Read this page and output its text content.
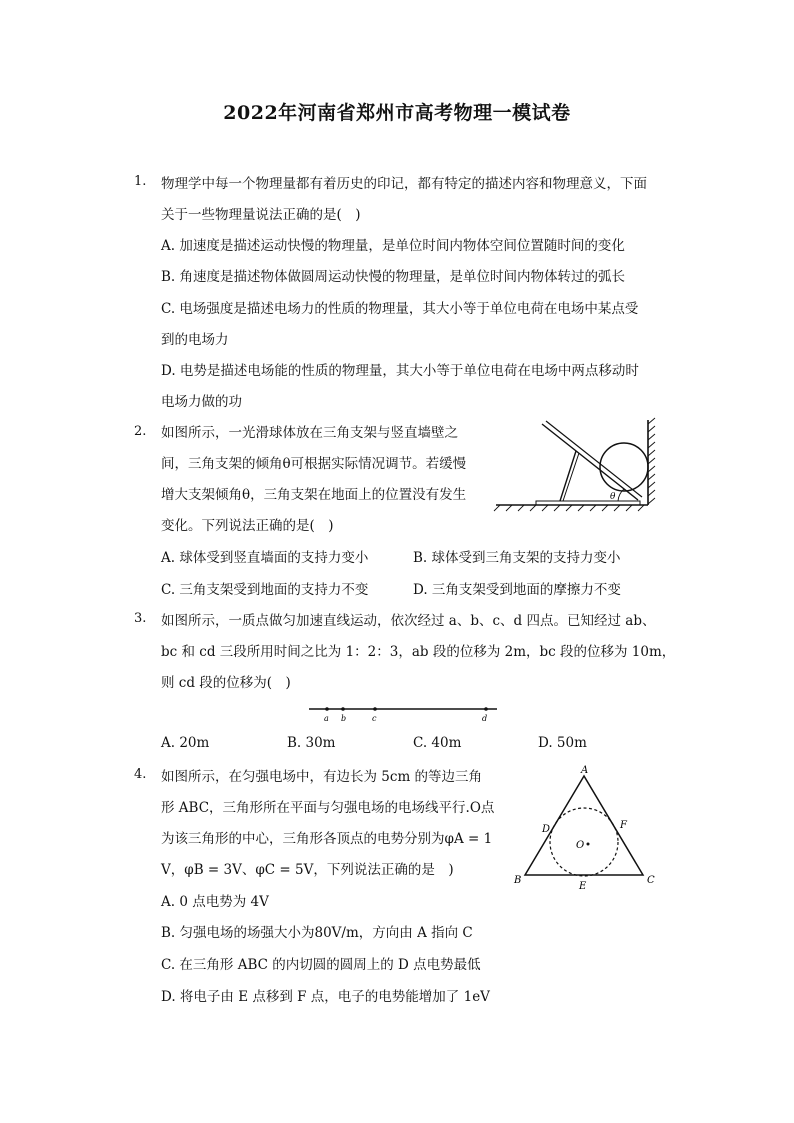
2022年河南省郑州市高考物理一模试卷
1. 物理学中每一个物理量都有着历史的印记，都有特定的描述内容和物理意义，下面
关于一些物理量说法正确的是(　)
A. 加速度是描述运动快慢的物理量，是单位时间内物体空间位置随时间的变化
B. 角速度是描述物体做圆周运动快慢的物理量，是单位时间内物体转过的弧长
C. 电场强度是描述电场力的性质的物理量，其大小等于单位电荷在电场中某点受
到的电场力
D. 电势是描述电场能的性质的物理量，其大小等于单位电荷在电场中两点移动时
电场力做的功
2. 如图所示，一光滑球体放在三角支架与竖直墙壁之
间，三角支架的倾角θ可根据实际情况调节。若缓慢
增大支架倾角θ，三角支架在地面上的位置没有发生
变化。下列说法正确的是(　)
A. 球体受到竖直墙面的支持力变小	B. 球体受到三角支架的支持力变小
C. 三角支架受到地面的支持力不变	D. 三角支架受到地面的摩擦力不变
θ
3. 如图所示，一质点做匀加速直线运动，依次经过 a、b、c、d 四点。已知经过 ab、
bc 和 cd 三段所用时间之比为 1：2：3，ab 段的位移为 2m，bc 段的位移为 10m，
则 cd 段的位移为(　)
a b	c	d
A. 20m	B. 30m	C. 40m	D. 50m
4. 如图所示，在匀强电场中，有边长为 5cm 的等边三角
形 ABC，三角形所在平面与匀强电场的电场线平行.O点
为该三角形的中心，三角形各顶点的电势分别为φA = 1
V，φB = 3V、φC = 5V，下列说法正确的是　)
A. 0 点电势为 4V
B. 匀强电场的场强大小为80V/m，方向由 A 指向 C
C. 在三角形 ABC 的内切圆的圆周上的 D 点电势最低
D. 将电子由 E 点移到 F 点，电子的电势能增加了 1eV
A
B	C
D
E
F
O
